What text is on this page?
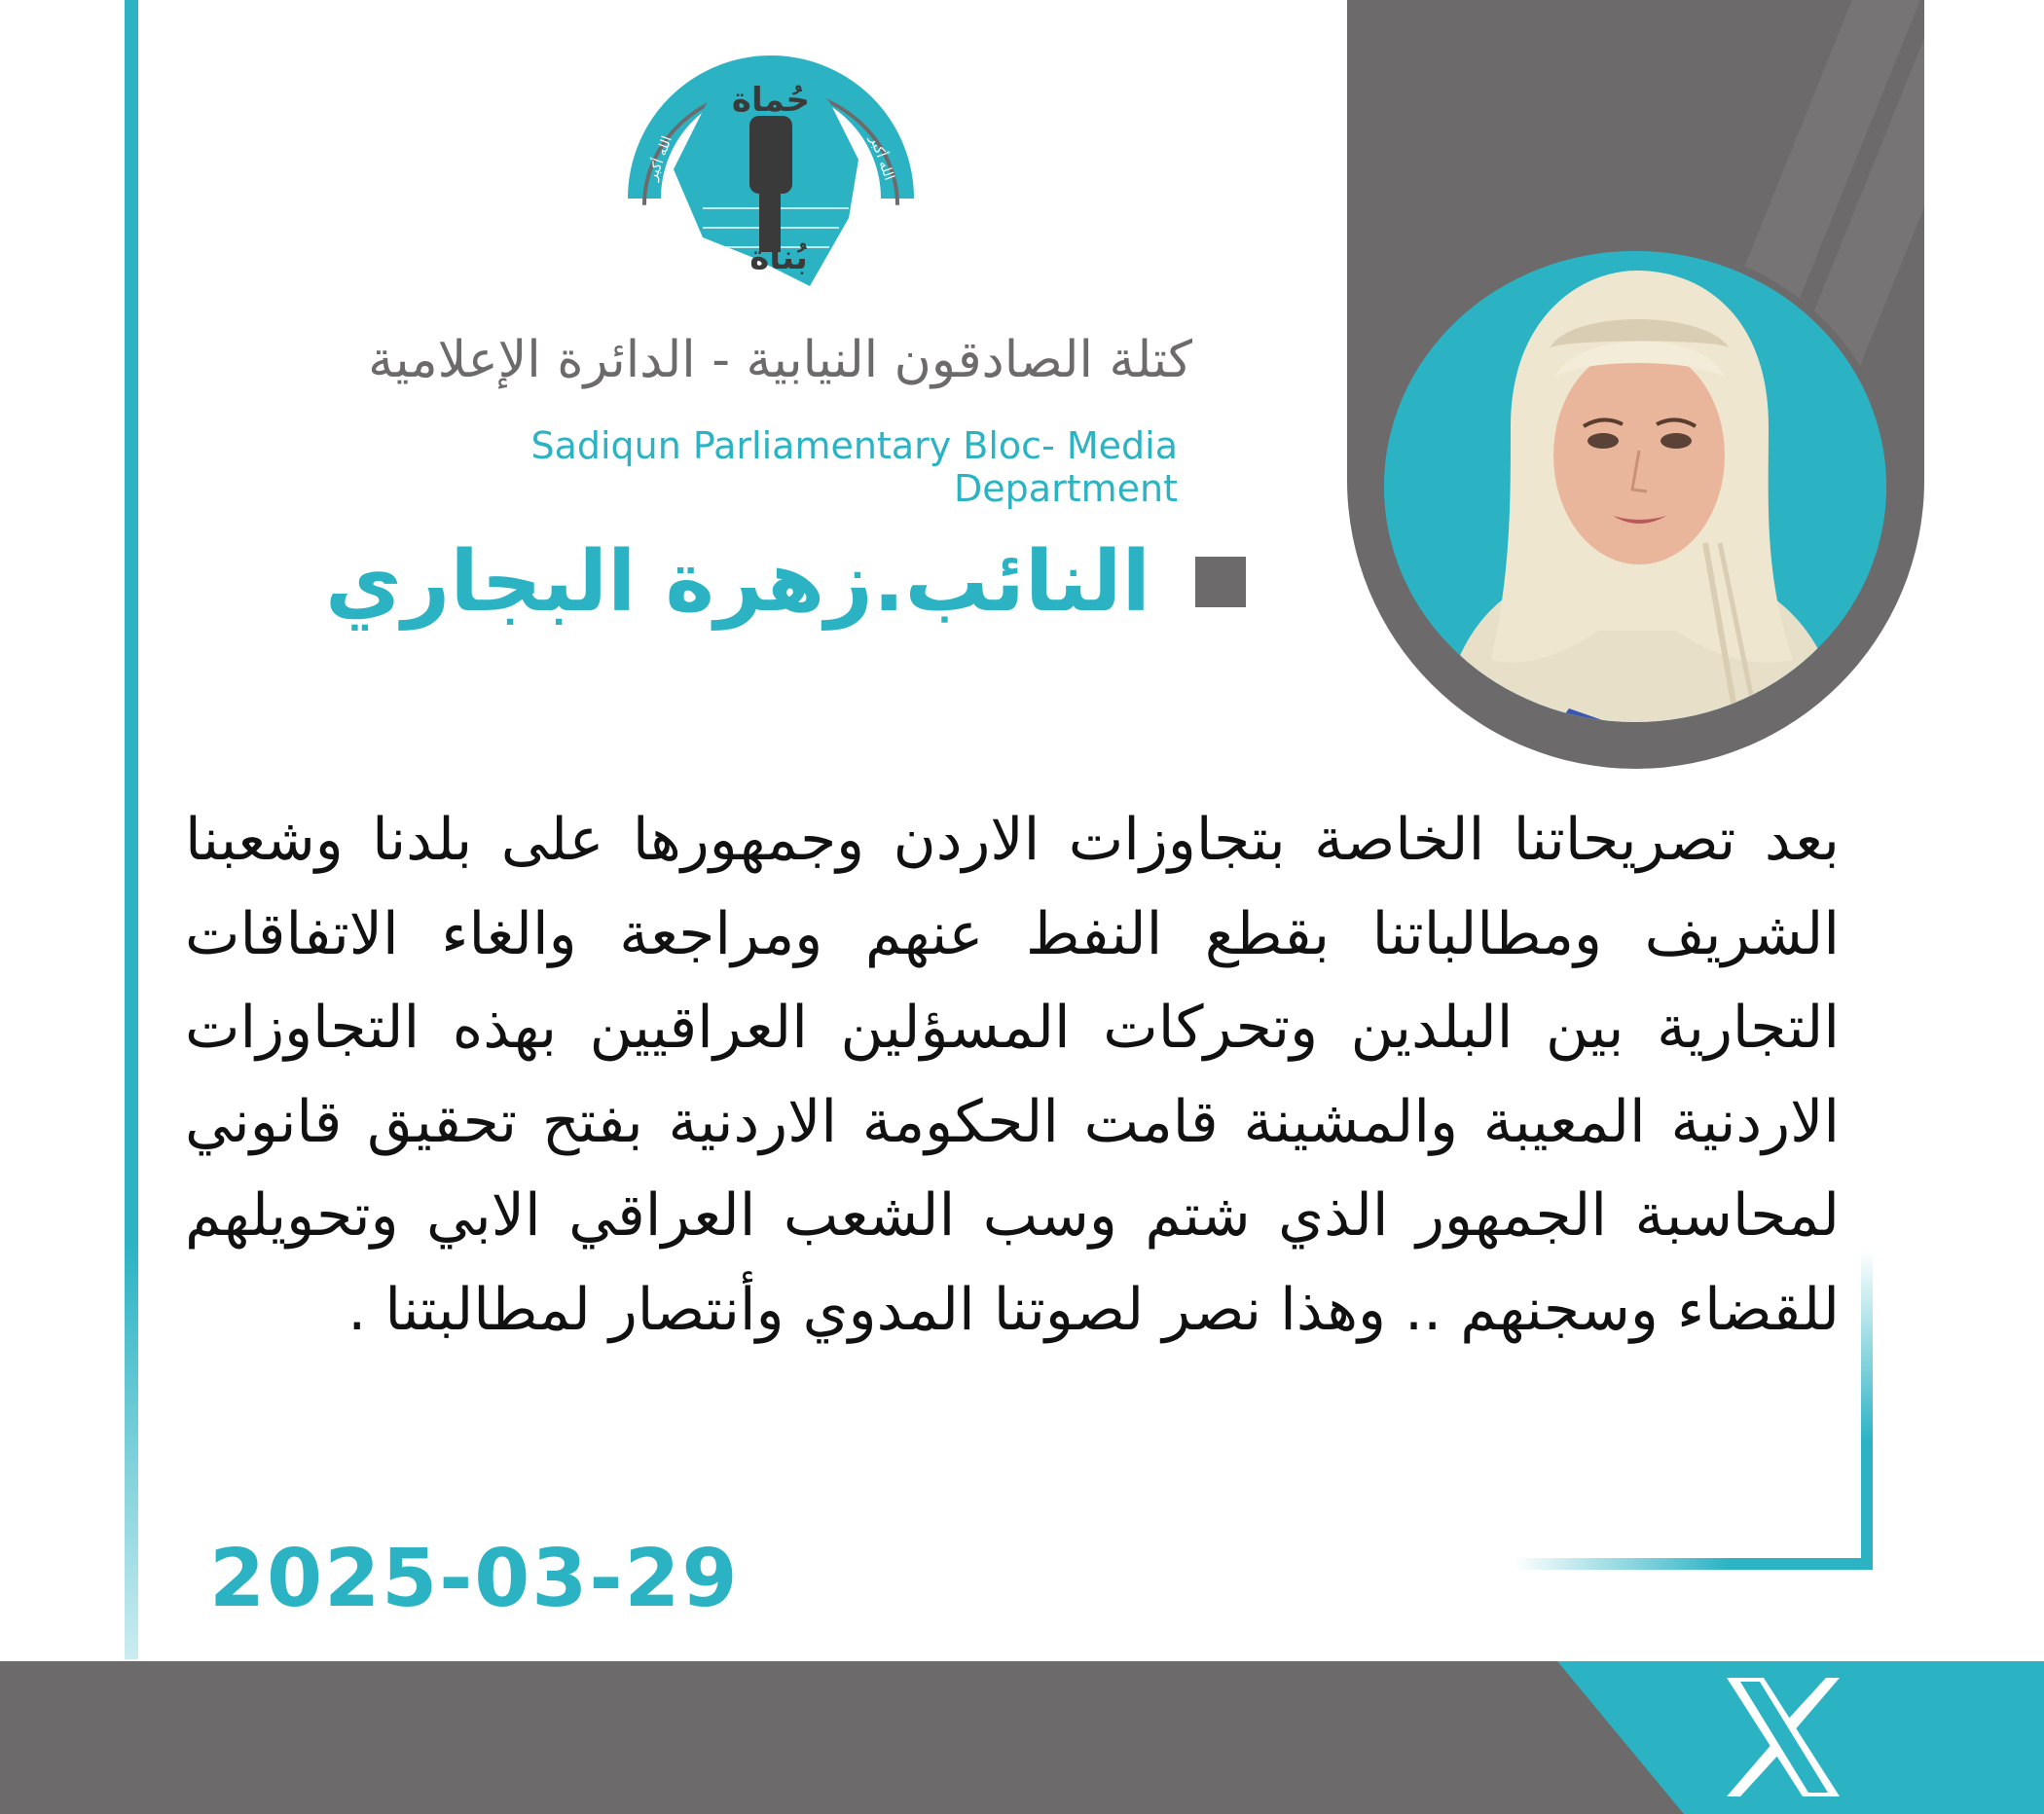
حركة الصادقون
حُماة
بُناة
الله أكبر	الله أكبر

كتلة الصادقون النيابية - الدائرة الإعلامية

Sadiqun Parliamentary Bloc- Media Department

النائب.زهرة البجاري

بعد تصريحاتنا الخاصة بتجاوزات الاردن وجمهورها على بلدنا وشعبنا الشريف ومطالباتنا بقطع النفط عنهم ومراجعة والغاء الاتفاقات التجارية بين البلدين وتحركات المسؤلين العراقيين بهذه التجاوزات الاردنية المعيبة والمشينة قامت الحكومة الاردنية بفتح تحقيق قانوني لمحاسبة الجمهور الذي شتم وسب الشعب العراقي الابي وتحويلهم للقضاء وسجنهم .. وهذا نصر لصوتنا المدوي وأنتصار لمطالبتنا .

2025-03-29
